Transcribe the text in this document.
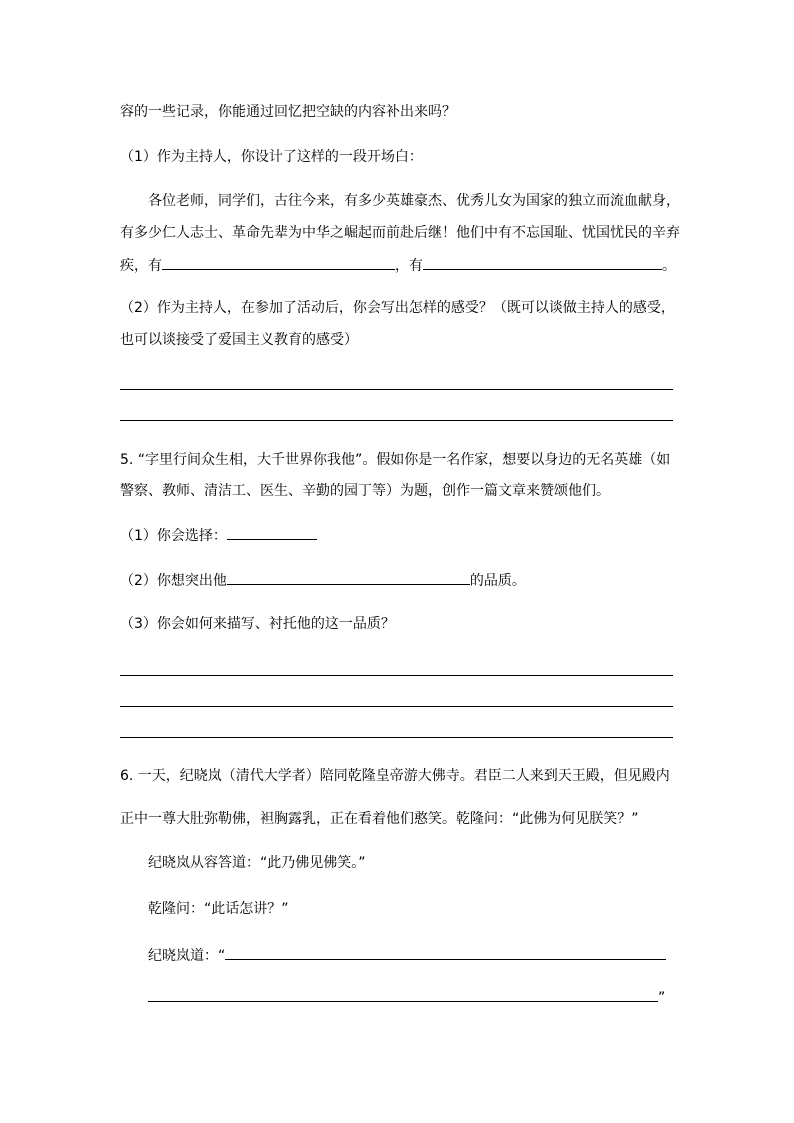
容的一些记录，你能通过回忆把空缺的内容补出来吗？
（1）作为主持人，你设计了这样的一段开场白：
各位老师，同学们，古往今来，有多少英雄豪杰、优秀儿女为国家的独立而流血献身，
有多少仁人志士、革命先辈为中华之崛起而前赴后继！他们中有不忘国耻、忧国忧民的辛弃
疾，有	，有	。
（2）作为主持人，在参加了活动后，你会写出怎样的感受？（既可以谈做主持人的感受，
也可以谈接受了爱国主义教育的感受）
5. “字里行间众生相，大千世界你我他”。假如你是一名作家，想要以身边的无名英雄（如
警察、教师、清洁工、医生、辛勤的园丁等）为题，创作一篇文章来赞颂他们。
（1）你会选择：
（2）你想突出他	的品质。
（3）你会如何来描写、衬托他的这一品质？
6. 一天，纪晓岚（清代大学者）陪同乾隆皇帝游大佛寺。君臣二人来到天王殿，但见殿内
正中一尊大肚弥勒佛，袒胸露乳，正在看着他们憨笑。乾隆问：“此佛为何见朕笑？”
纪晓岚从容答道：“此乃佛见佛笑。”
乾隆问：“此话怎讲？”
纪晓岚道：“
”
